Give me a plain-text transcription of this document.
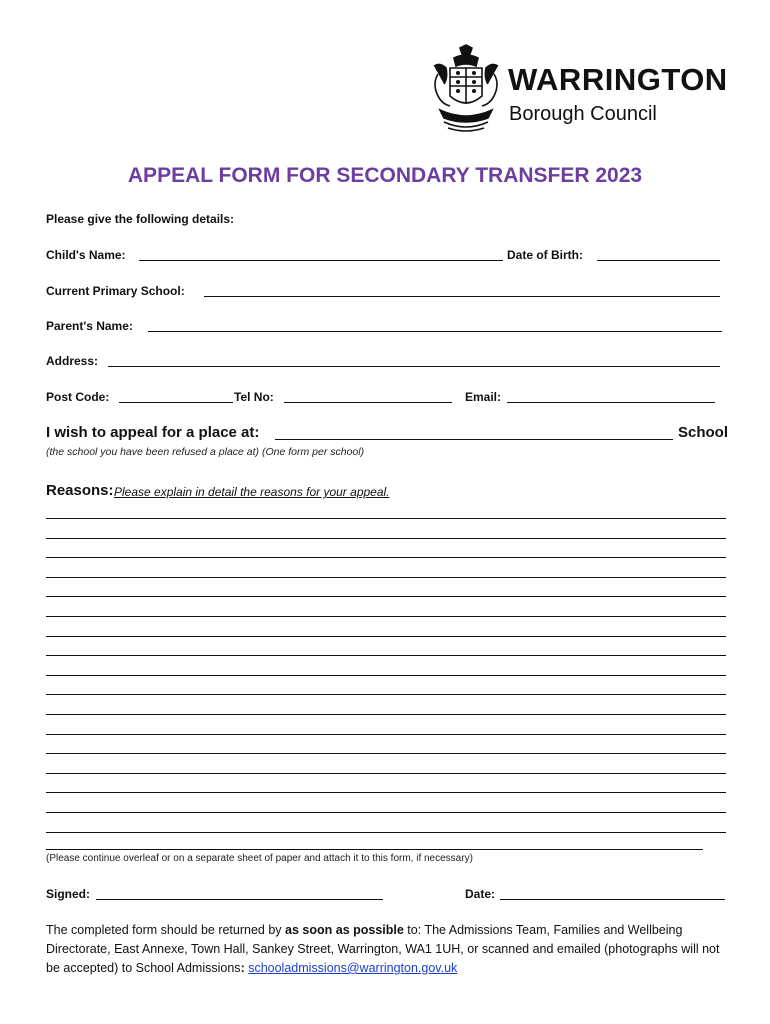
WARRINGTON
Borough Council
APPEAL FORM FOR SECONDARY TRANSFER 2023
Please give the following details:
Child's Name:	Date of Birth:
Current Primary School:
Parent's Name:
Address:
Post Code:	Tel No:	Email:
I wish to appeal for a place at:	School
(the school you have been refused a place at) (One form per school)
Reasons: Please explain in detail the reasons for your appeal.
(Please continue overleaf or on a separate sheet of paper and attach it to this form, if necessary)
Signed:	Date:
The completed form should be returned by as soon as possible to: The Admissions Team, Families and Wellbeing Directorate, East Annexe, Town Hall, Sankey Street, Warrington, WA1 1UH, or scanned and emailed (photographs will not be accepted) to School Admissions: schooladmissions@warrington.gov.uk
